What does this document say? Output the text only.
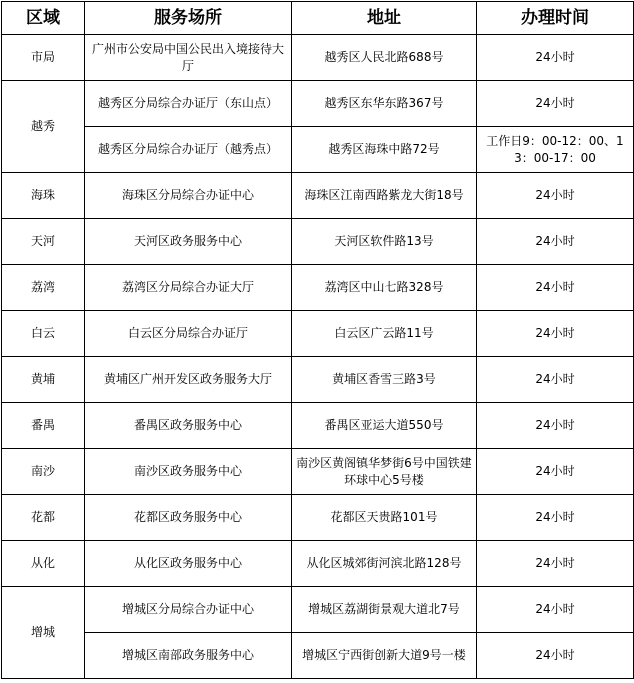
区域	服务场所	地址	办理时间
市局	广州市公安局中国公民出入境接待大厅	越秀区人民北路688号	24小时
越秀	越秀区分局综合办证厅（东山点）	越秀区东华东路367号	24小时
	越秀区分局综合办证厅（越秀点）	越秀区海珠中路72号	工作日9：00-12：00、13：00-17：00
海珠	海珠区分局综合办证中心	海珠区江南西路紫龙大街18号	24小时
天河	天河区政务服务中心	天河区软件路13号	24小时
荔湾	荔湾区分局综合办证大厅	荔湾区中山七路328号	24小时
白云	白云区分局综合办证厅	白云区广云路11号	24小时
黄埔	黄埔区广州开发区政务服务大厅	黄埔区香雪三路3号	24小时
番禺	番禺区政务服务中心	番禺区亚运大道550号	24小时
南沙	南沙区政务服务中心	南沙区黄阁镇华梦街6号中国铁建环球中心5号楼	24小时
花都	花都区政务服务中心	花都区天贵路101号	24小时
从化	从化区政务服务中心	从化区城郊街河滨北路128号	24小时
增城	增城区分局综合办证中心	增城区荔湖街景观大道北7号	24小时
	增城区南部政务服务中心	增城区宁西街创新大道9号一楼	24小时
